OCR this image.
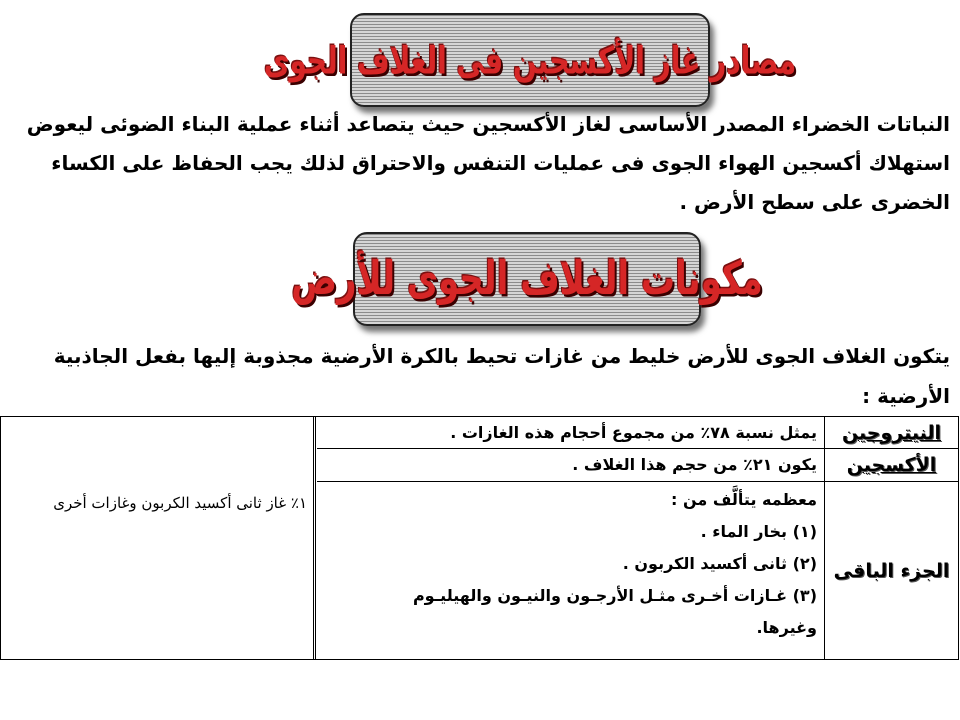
مصادر غاز الأكسجين فى الغلاف الجوى

النباتات الخضراء المصدر الأساسى لغاز الأكسجين حيث يتصاعد أثناء عملية البناء الضوئى ليعوض استهلاك أكسجين الهواء الجوى فى عمليات التنفس والاحتراق لذلك يجب الحفاظ على الكساء الخضرى على سطح الأرض .

مكونات الغلاف الجوى للأرض

يتكون الغلاف الجوى للأرض خليط من غازات تحيط بالكرة الأرضية مجذوبة إليها بفعل الجاذبية الأرضية :

١٪ غاز ثانى أكسيد الكربون وغازات أخرى
النيتروجين
يمثل نسبة ٧٨٪ من مجموع أحجام هذه الغازات .
الأكسجين
يكون ٢١٪ من حجم هذا الغلاف .
الجزء الباقى
معظمه يتألَّف من :
(١) بخار الماء .
(٢) ثانى أكسيد الكربون .
(٣) غـازات أخـرى مثـل الأرجـون والنيـون والهيليـوم
وغيرها.
